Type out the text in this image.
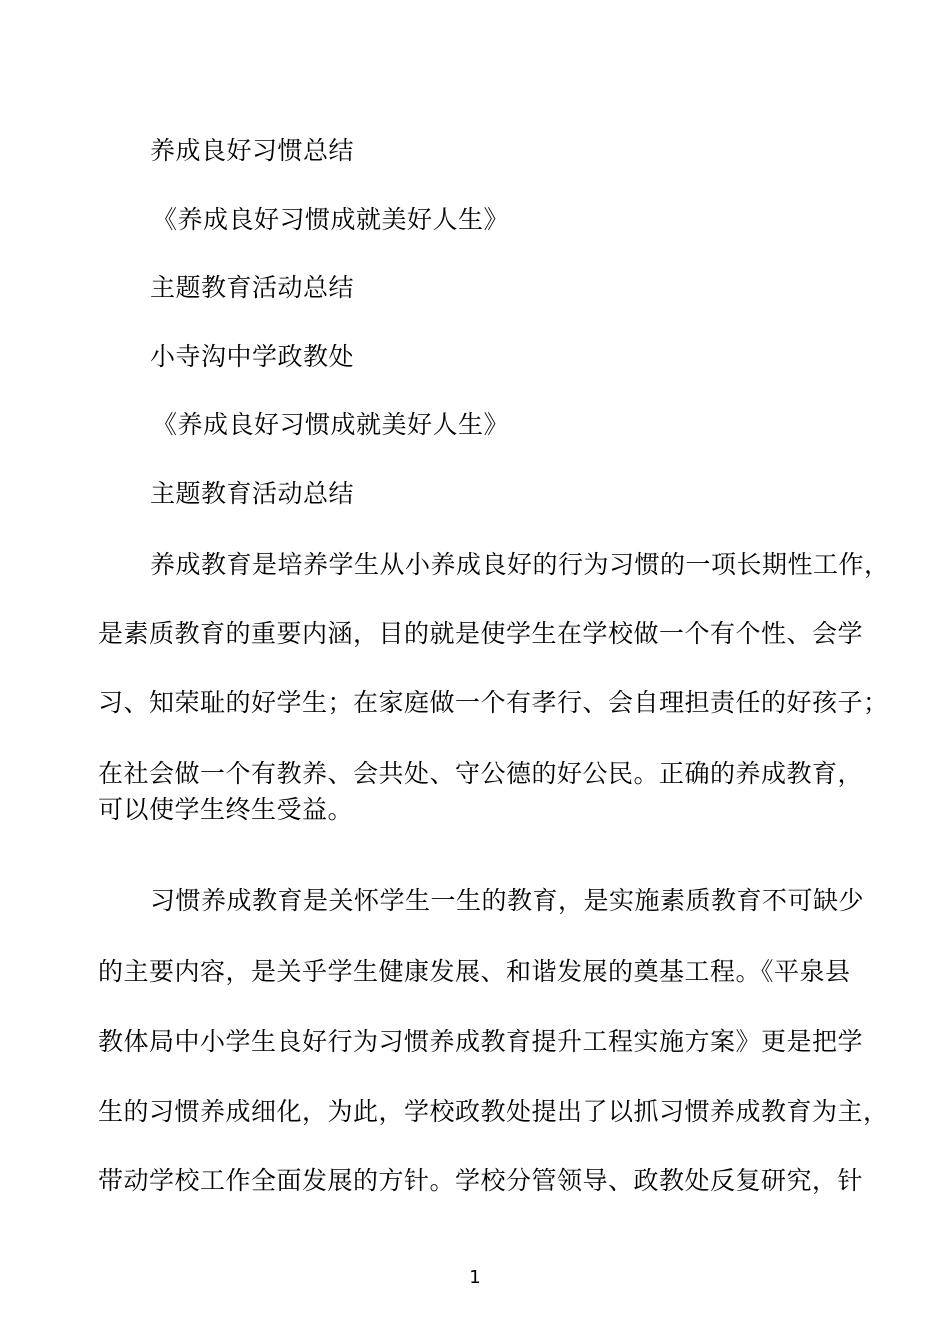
养成良好习惯总结
《养成良好习惯成就美好人生》
主题教育活动总结
小寺沟中学政教处
《养成良好习惯成就美好人生》
主题教育活动总结
养成教育是培养学生从小养成良好的行为习惯的一项长期性工作，
是素质教育的重要内涵，目的就是使学生在学校做一个有个性、会学
习、知荣耻的好学生；在家庭做一个有孝行、会自理担责任的好孩子；
在社会做一个有教养、会共处、守公德的好公民。正确的养成教育，
可以使学生终生受益。
习惯养成教育是关怀学生一生的教育，是实施素质教育不可缺少
的主要内容，是关乎学生健康发展、和谐发展的奠基工程。《平泉县
教体局中小学生良好行为习惯养成教育提升工程实施方案》更是把学
生的习惯养成细化，为此，学校政教处提出了以抓习惯养成教育为主，
带动学校工作全面发展的方针。学校分管领导、政教处反复研究，针
1
